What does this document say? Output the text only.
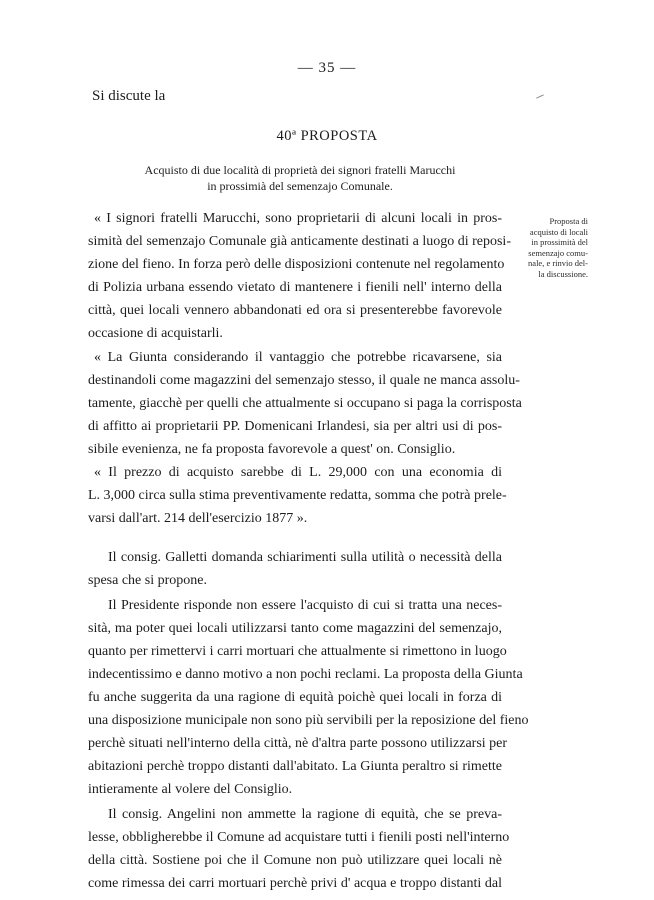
— 35 —
Si discute la
40ª PROPOSTA
Acquisto di due località di proprietà dei signori fratelli Marucchi
in prossimià del semenzajo Comunale.
Proposta di
acquisto di locali
in prossimità del
semenzajo comu-
nale, e rinvio del-
la discussione.
« I signori fratelli Marucchi, sono proprietarii di alcuni locali in pros-
simità del semenzajo Comunale già anticamente destinati a luogo di reposi-
zione del fieno. In forza però delle disposizioni contenute nel regolamento
di Polizia urbana essendo vietato di mantenere i fienili nell' interno della
città, quei locali vennero abbandonati ed ora si presenterebbe favorevole
occasione di acquistarli.
« La Giunta considerando il vantaggio che potrebbe ricavarsene, sia
destinandoli come magazzini del semenzajo stesso, il quale ne manca assolu-
tamente, giacchè per quelli che attualmente si occupano si paga la corrisposta
di affitto ai proprietarii PP. Domenicani Irlandesi, sia per altri usi di pos-
sibile evenienza, ne fa proposta favorevole a quest' on. Consiglio.
« Il prezzo di acquisto sarebbe di L. 29,000 con una economia di
L. 3,000 circa sulla stima preventivamente redatta, somma che potrà prele-
varsi dall'art. 214 dell'esercizio 1877 ».
Il consig. Galletti domanda schiarimenti sulla utilità o necessità della
spesa che si propone.
Il Presidente risponde non essere l'acquisto di cui si tratta una neces-
sità, ma poter quei locali utilizzarsi tanto come magazzini del semenzajo,
quanto per rimettervi i carri mortuari che attualmente si rimettono in luogo
indecentissimo e danno motivo a non pochi reclami. La proposta della Giunta
fu anche suggerita da una ragione di equità poichè quei locali in forza di
una disposizione municipale non sono più servibili per la reposizione del fieno
perchè situati nell'interno della città, nè d'altra parte possono utilizzarsi per
abitazioni perchè troppo distanti dall'abitato. La Giunta peraltro si rimette
intieramente al volere del Consiglio.
Il consig. Angelini non ammette la ragione di equità, che se preva-
lesse, obbligherebbe il Comune ad acquistare tutti i fienili posti nell'interno
della città. Sostiene poi che il Comune non può utilizzare quei locali nè
come rimessa dei carri mortuari perchè privi d' acqua e troppo distanti dal
